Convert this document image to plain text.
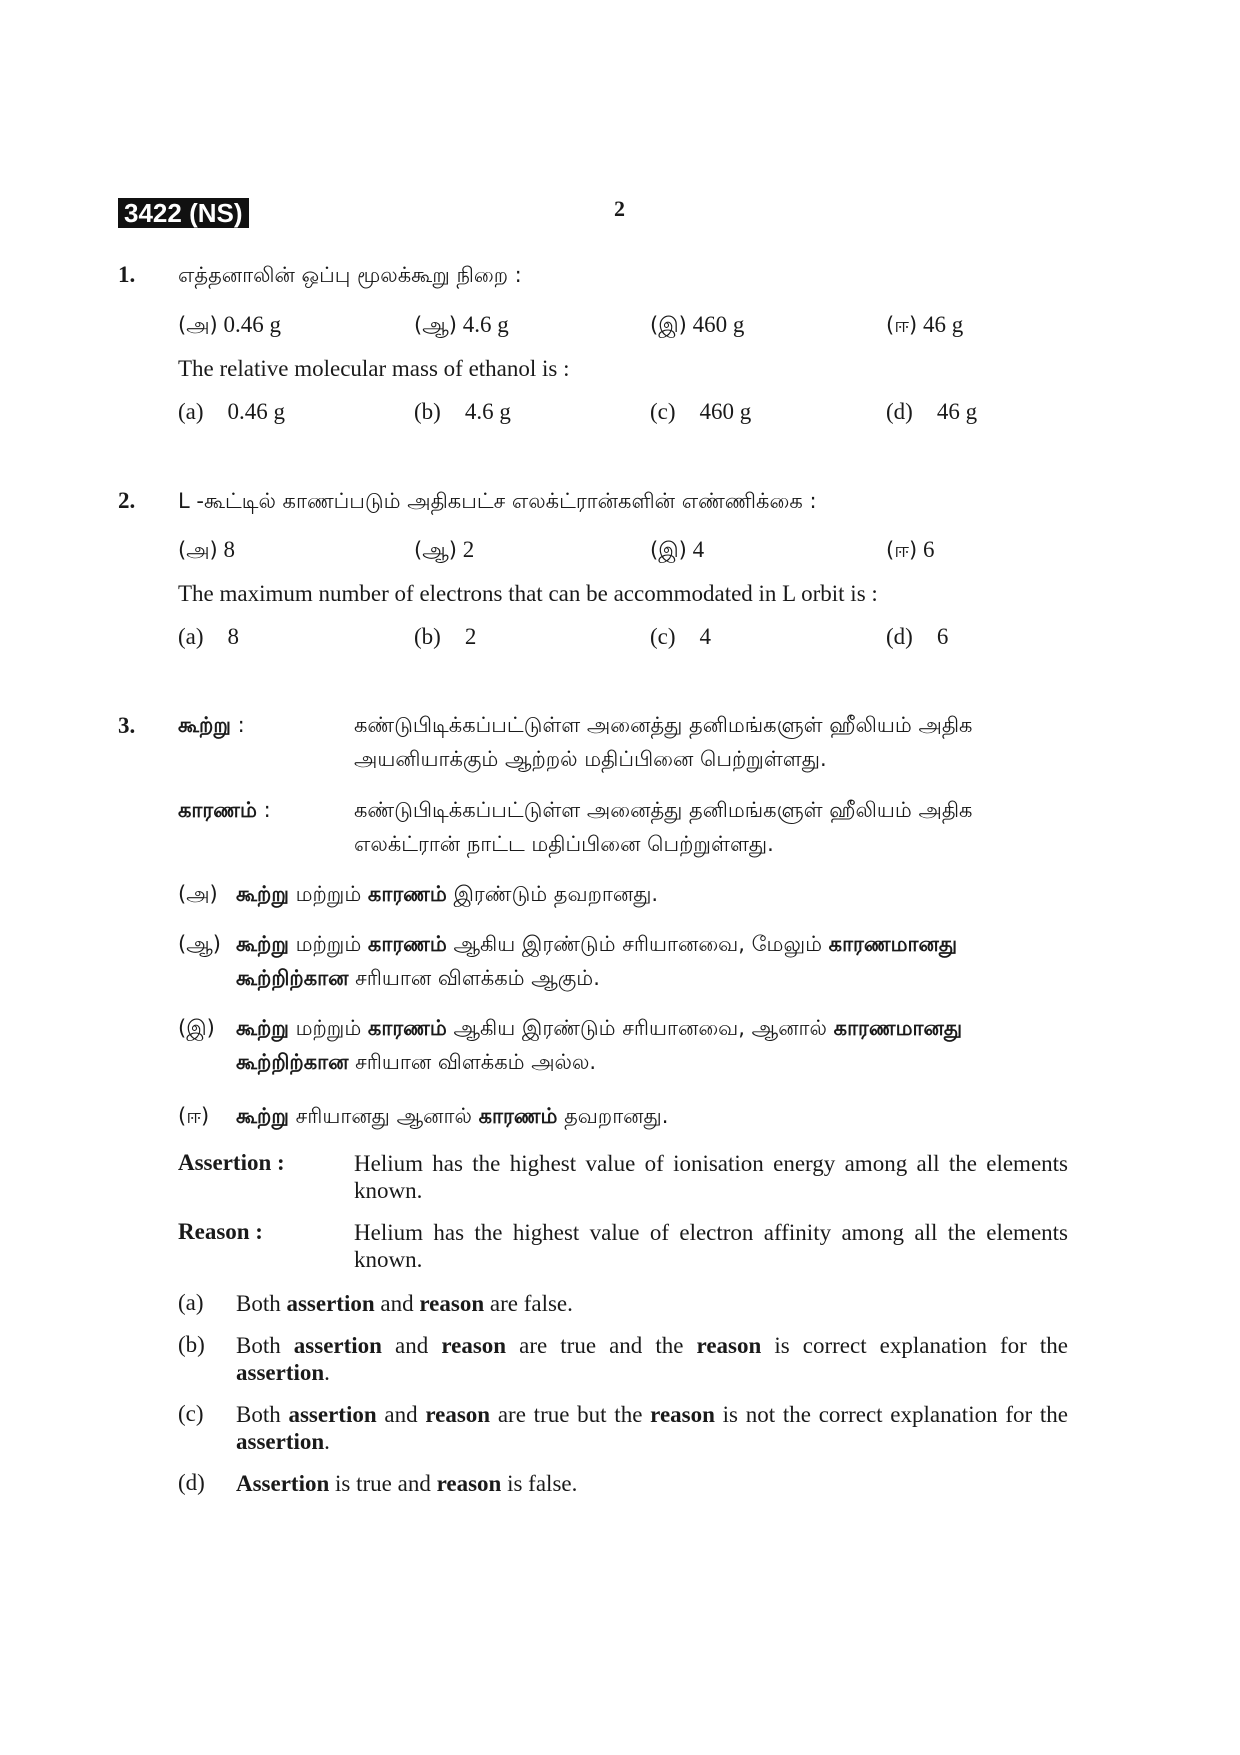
3422 (NS)	2
1. எத்தனாலின் ஒப்பு மூலக்கூறு நிறை :
(அ) 0.46 g	(ஆ) 4.6 g	(இ) 460 g	(ஈ) 46 g
The relative molecular mass of ethanol is :
(a) 0.46 g	(b) 4.6 g	(c) 460 g	(d) 46 g
2. L -கூட்டில் காணப்படும் அதிகபட்ச எலக்ட்ரான்களின் எண்ணிக்கை :
(அ) 8	(ஆ) 2	(இ) 4	(ஈ) 6
The maximum number of electrons that can be accommodated in L orbit is :
(a) 8	(b) 2	(c) 4	(d) 6
3. கூற்று :	கண்டுபிடிக்கப்பட்டுள்ள அனைத்து தனிமங்களுள் ஹீலியம் அதிக
அயனியாக்கும் ஆற்றல் மதிப்பினை பெற்றுள்ளது.
காரணம் :	கண்டுபிடிக்கப்பட்டுள்ள அனைத்து தனிமங்களுள் ஹீலியம் அதிக
எலக்ட்ரான் நாட்ட மதிப்பினை பெற்றுள்ளது.
(அ) கூற்று மற்றும் காரணம் இரண்டும் தவறானது.
(ஆ) கூற்று மற்றும் காரணம் ஆகிய இரண்டும் சரியானவை, மேலும் காரணமானது
கூற்றிற்கான சரியான விளக்கம் ஆகும்.
(இ) கூற்று மற்றும் காரணம் ஆகிய இரண்டும் சரியானவை, ஆனால் காரணமானது
கூற்றிற்கான சரியான விளக்கம் அல்ல.
(ஈ) கூற்று சரியானது ஆனால் காரணம் தவறானது.
Assertion :	Helium has the highest value of ionisation energy among all the elements known.
Reason :	Helium has the highest value of electron affinity among all the elements known.
(a) Both assertion and reason are false.
(b) Both assertion and reason are true and the reason is correct explanation for the assertion.
(c) Both assertion and reason are true but the reason is not the correct explanation for the assertion.
(d) Assertion is true and reason is false.
